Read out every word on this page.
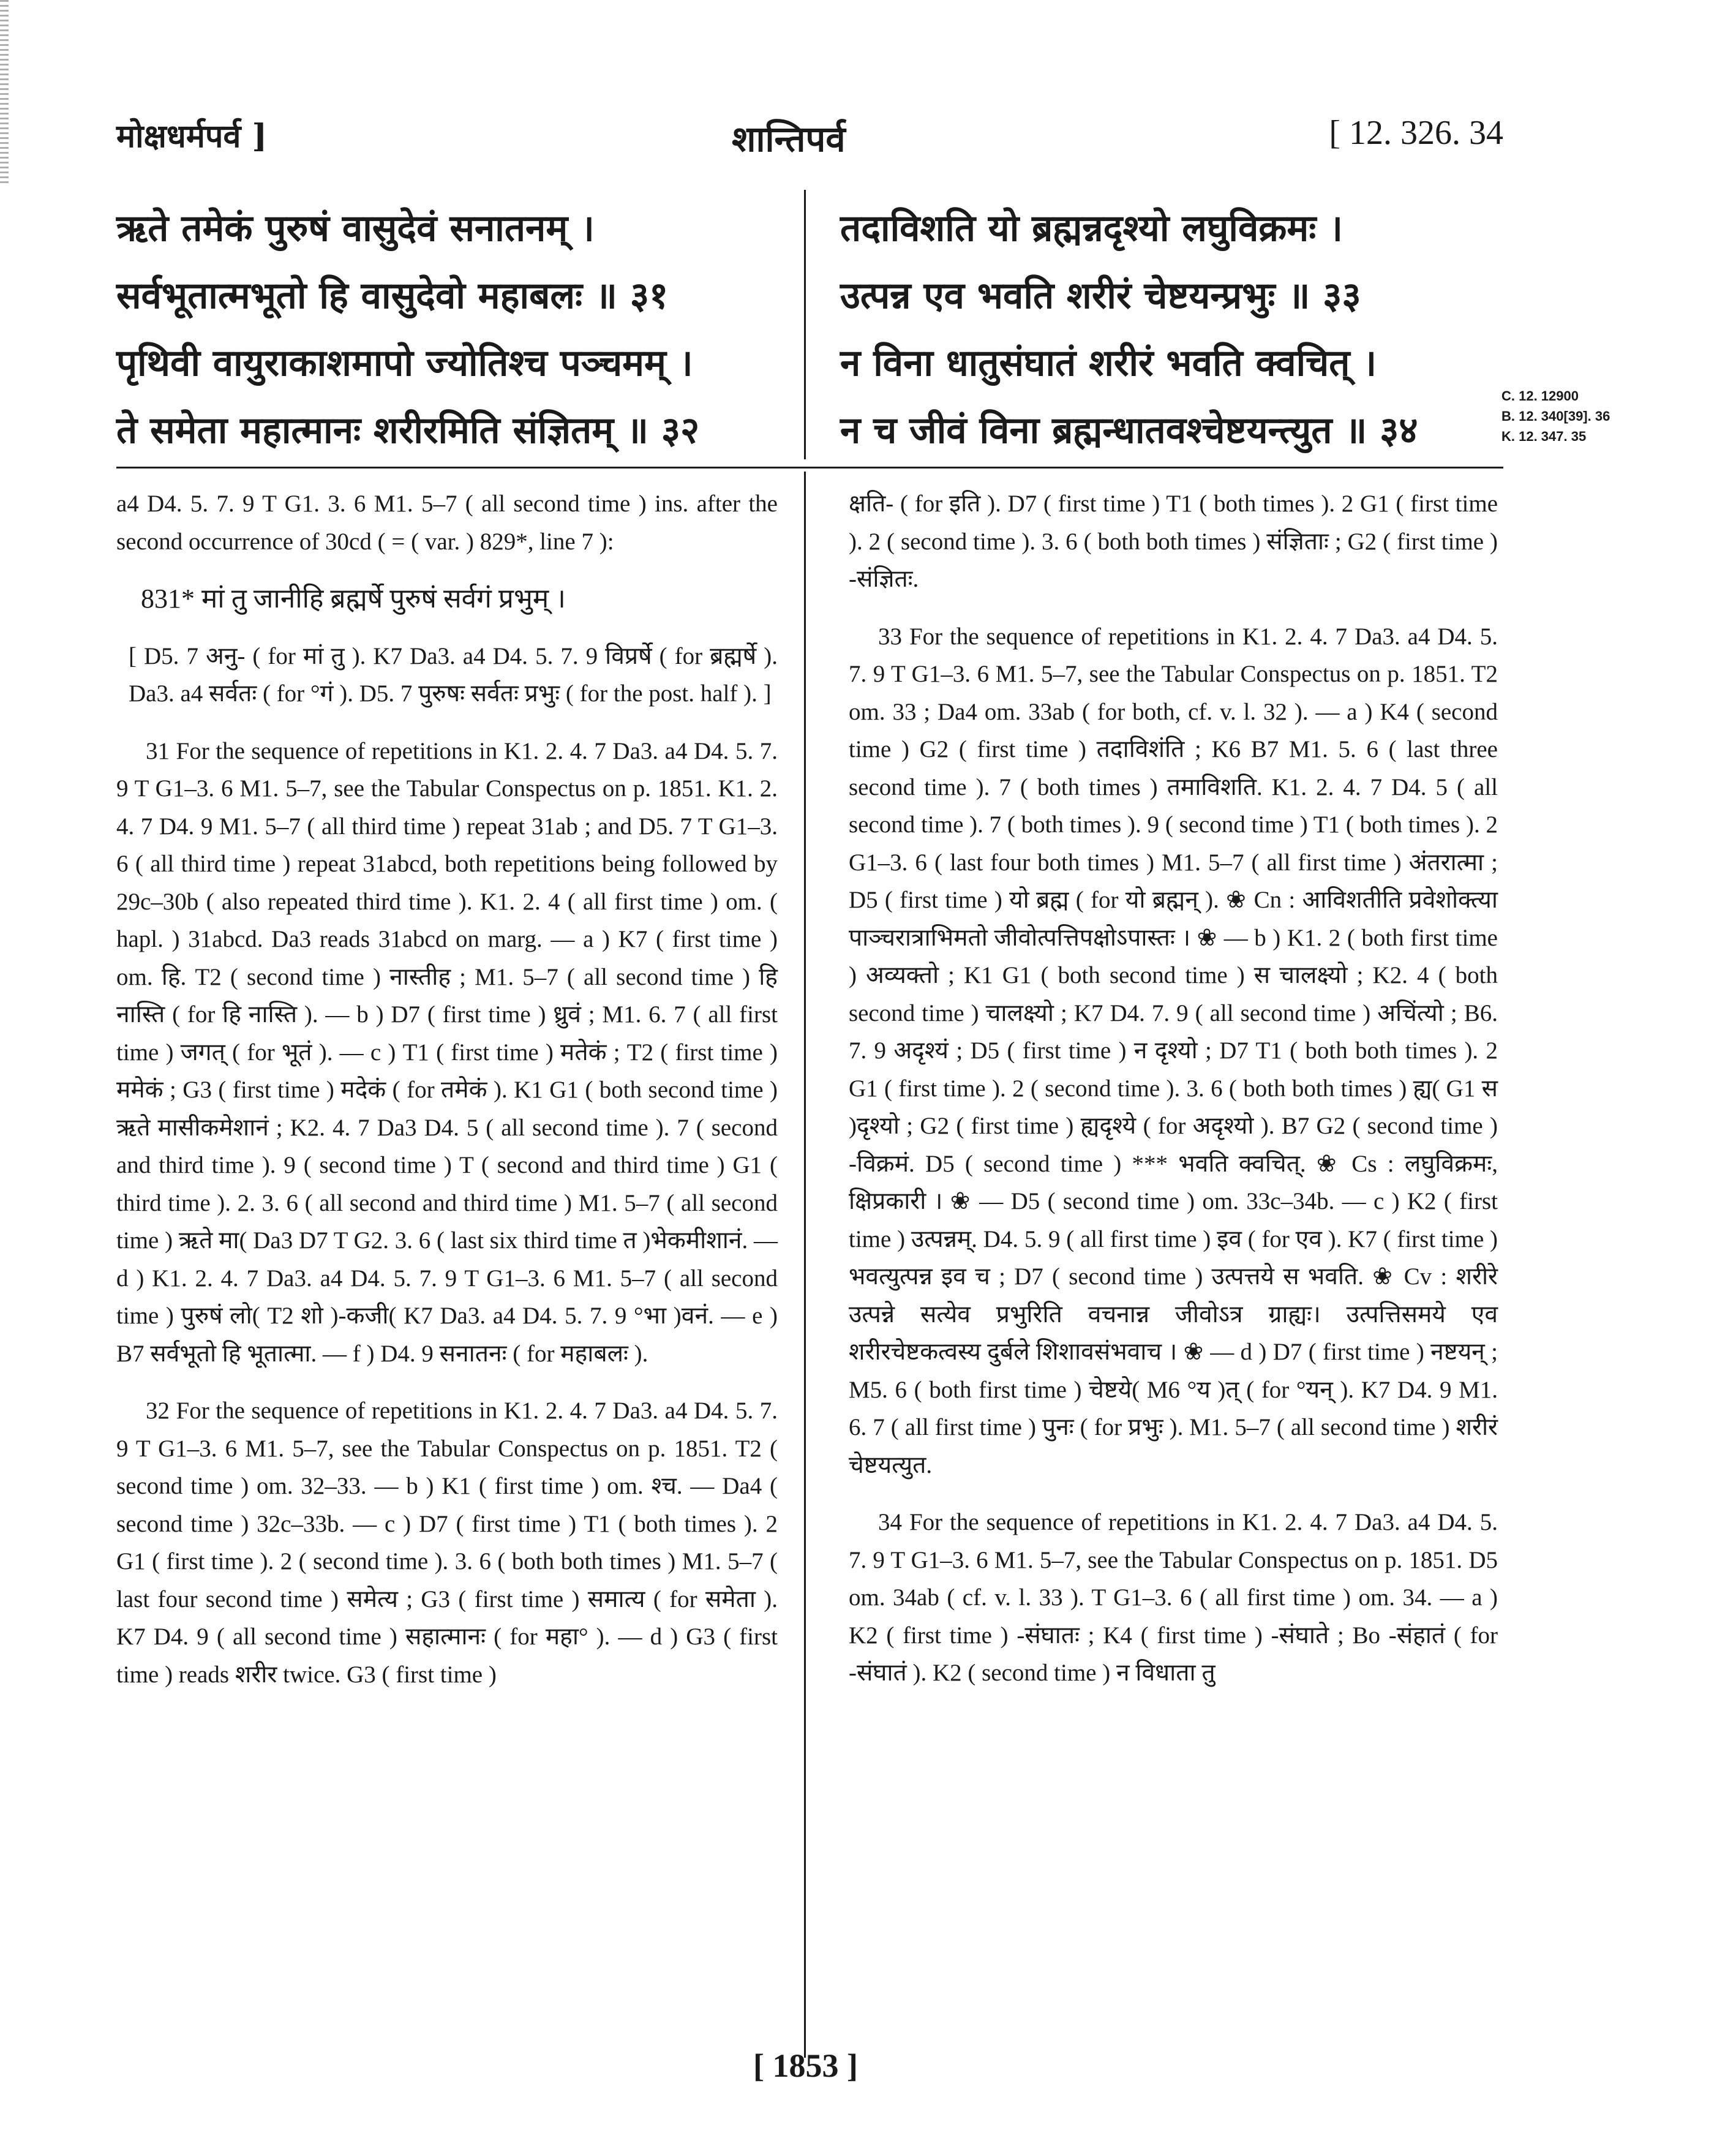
मोक्षधर्मपर्व ]	शान्तिपर्व	[ 12. 326. 34
ऋते तमेकं पुरुषं वासुदेवं सनातनम् ।
सर्वभूतात्मभूतो हि वासुदेवो महाबलः ॥ ३१
पृथिवी वायुराकाशमापो ज्योतिश्च पञ्चमम् ।
ते समेता महात्मानः शरीरमिति संज्ञितम् ॥ ३२
तदाविशति यो ब्रह्मन्नदृश्यो लघुविक्रमः ।
उत्पन्न एव भवति शरीरं चेष्टयन्प्रभुः ॥ ३३
न विना धातुसंघातं शरीरं भवति क्वचित् ।
न च जीवं विना ब्रह्मन्धातवश्चेष्टयन्त्युत ॥ ३४
C. 12. 12900
B. 12. 340[39]. 36
K. 12. 347. 35

a4 D4. 5. 7. 9 T G1. 3. 6 M1. 5–7 ( all second time ) ins. after the second occurrence of 30cd ( = ( var. ) 829*, line 7 ):

831* मां तु जानीहि ब्रह्मर्षे पुरुषं सर्वगं प्रभुम् ।

[ D5. 7 अनु- ( for मां तु ). K7 Da3. a4 D4. 5. 7. 9 विप्रर्षे ( for ब्रह्मर्षे ). Da3. a4 सर्वतः ( for °गं ). D5. 7 पुरुषः सर्वतः प्रभुः ( for the post. half ). ]

31 For the sequence of repetitions in K1. 2. 4. 7 Da3. a4 D4. 5. 7. 9 T G1–3. 6 M1. 5–7, see the Tabular Conspectus on p. 1851. K1. 2. 4. 7 D4. 9 M1. 5–7 ( all third time ) repeat 31ab ; and D5. 7 T G1–3. 6 ( all third time ) repeat 31abcd, both repetitions being followed by 29c–30b ( also repeated third time ). K1. 2. 4 ( all first time ) om. ( hapl. ) 31abcd. Da3 reads 31abcd on marg. — a ) K7 ( first time ) om. हि. T2 ( second time ) नास्तीह ; M1. 5–7 ( all second time ) हि नास्ति ( for हि नास्ति ). — b ) D7 ( first time ) ध्रुवं ; M1. 6. 7 ( all first time ) जगत् ( for भूतं ). — c ) T1 ( first time ) मतेकं ; T2 ( first time ) ममेकं ; G3 ( first time ) मदेकं ( for तमेकं ). K1 G1 ( both second time ) ऋते मासीकमेशानं ; K2. 4. 7 Da3 D4. 5 ( all second time ). 7 ( second and third time ). 9 ( second time ) T ( second and third time ) G1 ( third time ). 2. 3. 6 ( all second and third time ) M1. 5–7 ( all second time ) ऋते मा( Da3 D7 T G2. 3. 6 ( last six third time त )भेकमीशानं. — d ) K1. 2. 4. 7 Da3. a4 D4. 5. 7. 9 T G1–3. 6 M1. 5–7 ( all second time ) पुरुषं लो( T2 शो )-कजी( K7 Da3. a4 D4. 5. 7. 9 °भा )वनं. — e ) B7 सर्वभूतो हि भूतात्मा. — f ) D4. 9 सनातनः ( for महाबलः ).

32 For the sequence of repetitions in K1. 2. 4. 7 Da3. a4 D4. 5. 7. 9 T G1–3. 6 M1. 5–7, see the Tabular Conspectus on p. 1851. T2 ( second time ) om. 32–33. — b ) K1 ( first time ) om. श्च. — Da4 ( second time ) 32c–33b. — c ) D7 ( first time ) T1 ( both times ). 2 G1 ( first time ). 2 ( second time ). 3. 6 ( both both times ) M1. 5–7 ( last four second time ) समेत्य ; G3 ( first time ) समात्य ( for समेता ). K7 D4. 9 ( all second time ) सहात्मानः ( for महा° ). — d ) G3 ( first time ) reads शरीर twice. G3 ( first time )

क्षति- ( for इति ). D7 ( first time ) T1 ( both times ). 2 G1 ( first time ). 2 ( second time ). 3. 6 ( both both times ) संज्ञिताः ; G2 ( first time ) -संज्ञितः.

33 For the sequence of repetitions in K1. 2. 4. 7 Da3. a4 D4. 5. 7. 9 T G1–3. 6 M1. 5–7, see the Tabular Conspectus on p. 1851. T2 om. 33 ; Da4 om. 33ab ( for both, cf. v. l. 32 ). — a ) K4 ( second time ) G2 ( first time ) तदाविशंति ; K6 B7 M1. 5. 6 ( last three second time ). 7 ( both times ) तमाविशति. K1. 2. 4. 7 D4. 5 ( all second time ). 7 ( both times ). 9 ( second time ) T1 ( both times ). 2 G1–3. 6 ( last four both times ) M1. 5–7 ( all first time ) अंतरात्मा ; D5 ( first time ) यो ब्रह्म ( for यो ब्रह्मन् ). ❀ Cn : आविशतीति प्रवेशोक्त्या पाञ्चरात्राभिमतो जीवोत्पत्तिपक्षोऽपास्तः । ❀ — b ) K1. 2 ( both first time ) अव्यक्तो ; K1 G1 ( both second time ) स चालक्ष्यो ; K2. 4 ( both second time ) चालक्ष्यो ; K7 D4. 7. 9 ( all second time ) अचिंत्यो ; B6. 7. 9 अदृश्यं ; D5 ( first time ) न दृश्यो ; D7 T1 ( both both times ). 2 G1 ( first time ). 2 ( second time ). 3. 6 ( both both times ) ह्य( G1 स )दृश्यो ; G2 ( first time ) ह्यदृश्ये ( for अदृश्यो ). B7 G2 ( second time ) -विक्रमं. D5 ( second time ) *** भवति क्वचित्. ❀ Cs : लघुविक्रमः, क्षिप्रकारी । ❀ — D5 ( second time ) om. 33c–34b. — c ) K2 ( first time ) उत्पन्नम्. D4. 5. 9 ( all first time ) इव ( for एव ). K7 ( first time ) भवत्युत्पन्न इव च ; D7 ( second time ) उत्पत्तये स भवति. ❀ Cv : शरीरे उत्पन्ने सत्येव प्रभुरिति वचनान्न जीवोऽत्र ग्राह्यः। उत्पत्तिसमये एव शरीरचेष्टकत्वस्य दुर्बले शिशावसंभवाच । ❀ — d ) D7 ( first time ) नष्टयन् ; M5. 6 ( both first time ) चेष्टये( M6 °य )त् ( for °यन् ). K7 D4. 9 M1. 6. 7 ( all first time ) पुनः ( for प्रभुः ). M1. 5–7 ( all second time ) शरीरं चेष्टयत्युत.

34 For the sequence of repetitions in K1. 2. 4. 7 Da3. a4 D4. 5. 7. 9 T G1–3. 6 M1. 5–7, see the Tabular Conspectus on p. 1851. D5 om. 34ab ( cf. v. l. 33 ). T G1–3. 6 ( all first time ) om. 34. — a ) K2 ( first time ) -संघातः ; K4 ( first time ) -संघाते ; Bo -संहातं ( for -संघातं ). K2 ( second time ) न विधाता तु

[ 1853 ]
